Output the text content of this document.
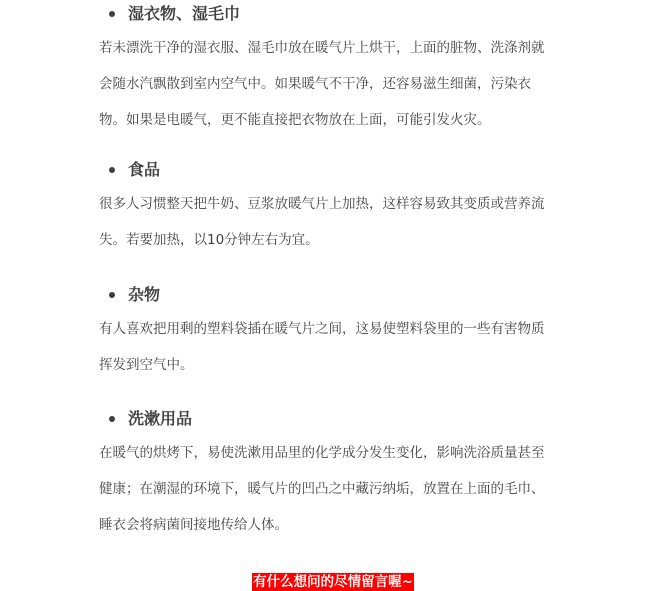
湿衣物、湿毛巾

若未漂洗干净的湿衣服、湿毛巾放在暖气片上烘干，上面的脏物、洗涤剂就
会随水汽飘散到室内空气中。如果暖气不干净，还容易滋生细菌，污染衣
物。如果是电暖气，更不能直接把衣物放在上面，可能引发火灾。

食品

很多人习惯整天把牛奶、豆浆放暖气片上加热，这样容易致其变质或营养流
失。若要加热，以10分钟左右为宜。

杂物

有人喜欢把用剩的塑料袋插在暖气片之间，这易使塑料袋里的一些有害物质
挥发到空气中。

洗漱用品

在暖气的烘烤下，易使洗漱用品里的化学成分发生变化，影响洗浴质量甚至
健康；在潮湿的环境下，暖气片的凹凸之中藏污纳垢，放置在上面的毛巾、
睡衣会将病菌间接地传给人体。

有什么想问的尽情留言喔~
